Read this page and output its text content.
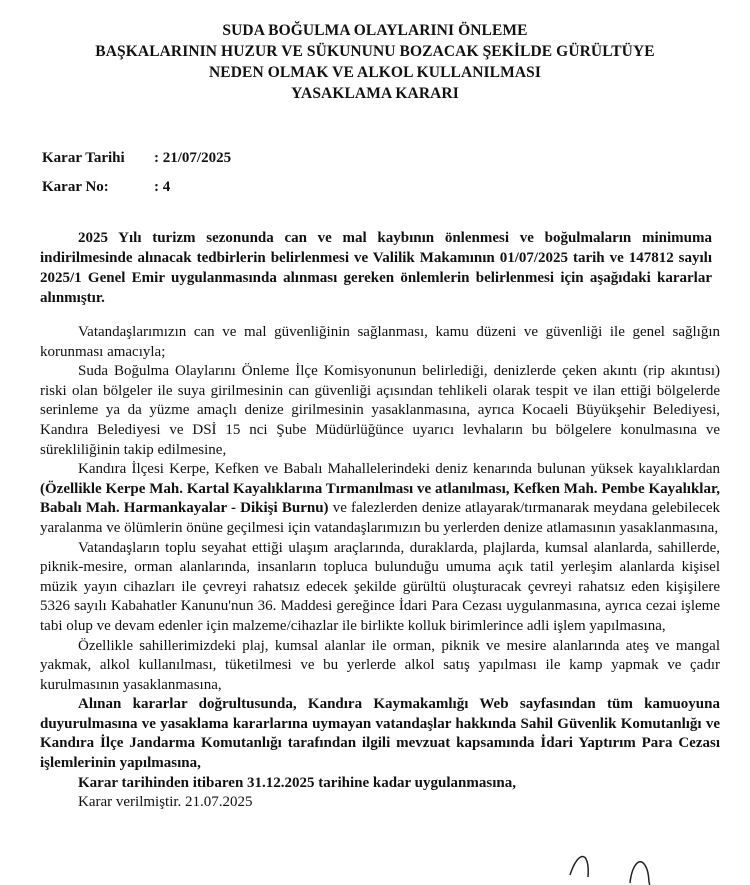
SUDA BOĞULMA OLAYLARINI ÖNLEME
BAŞKALARININ HUZUR VE SÜKUNUNU BOZACAK ŞEKİLDE GÜRÜLTÜYE
NEDEN OLMAK VE ALKOL KULLANILMASI
YASAKLAMA KARARI
Karar Tarihi : 21/07/2025
Karar No:	: 4
2025 Yılı turizm sezonunda can ve mal kaybının önlenmesi ve boğulmaların minimuma indirilmesinde alınacak tedbirlerin belirlenmesi ve Valilik Makamının 01/07/2025 tarih ve 147812 sayılı 2025/1 Genel Emir uygulanmasında alınması gereken önlemlerin belirlenmesi için aşağıdaki kararlar alınmıştır.

Vatandaşlarımızın can ve mal güvenliğinin sağlanması, kamu düzeni ve güvenliği ile genel sağlığın korunması amacıyla;

Suda Boğulma Olaylarını Önleme İlçe Komisyonunun belirlediği, denizlerde çeken akıntı (rip akıntısı) riski olan bölgeler ile suya girilmesinin can güvenliği açısından tehlikeli olarak tespit ve ilan ettiği bölgelerde serinleme ya da yüzme amaçlı denize girilmesinin yasaklanmasına, ayrıca Kocaeli Büyükşehir Belediyesi, Kandıra Belediyesi ve DSİ 15 nci Şube Müdürlüğünce uyarıcı levhaların bu bölgelere konulmasına ve sürekliliğinin takip edilmesine,

Kandıra İlçesi Kerpe, Kefken ve Babalı Mahallelerindeki deniz kenarında bulunan yüksek kayalıklardan (Özellikle Kerpe Mah. Kartal Kayalıklarına Tırmanılması ve atlanılması, Kefken Mah. Pembe Kayalıklar, Babalı Mah. Harmankayalar - Dikişi Burnu) ve falezlerden denize atlayarak/tırmanarak meydana gelebilecek yaralanma ve ölümlerin önüne geçilmesi için vatandaşlarımızın bu yerlerden denize atlamasının yasaklanmasına,

Vatandaşların toplu seyahat ettiği ulaşım araçlarında, duraklarda, plajlarda, kumsal alanlarda, sahillerde, piknik-mesire, orman alanlarında, insanların topluca bulunduğu umuma açık tatil yerleşim alanlarda kişisel müzik yayın cihazları ile çevreyi rahatsız edecek şekilde gürültü oluşturacak çevreyi rahatsız eden kişişilere 5326 sayılı Kabahatler Kanunu'nun 36. Maddesi gereğince İdari Para Cezası uygulanmasına, ayrıca cezai işleme tabi olup ve devam edenler için malzeme/cihazlar ile birlikte kolluk birimlerince adli işlem yapılmasına,

Özellikle sahillerimizdeki plaj, kumsal alanlar ile orman, piknik ve mesire alanlarında ateş ve mangal yakmak, alkol kullanılması, tüketilmesi ve bu yerlerde alkol satış yapılması ile kamp yapmak ve çadır kurulmasının yasaklanmasına,

Alınan kararlar doğrultusunda, Kandıra Kaymakamlığı Web sayfasından tüm kamuoyuna duyurulmasına ve yasaklama kararlarına uymayan vatandaşlar hakkında Sahil Güvenlik Komutanlığı ve Kandıra İlçe Jandarma Komutanlığı tarafından ilgili mevzuat kapsamında İdari Yaptırım Para Cezası işlemlerinin yapılmasına,

Karar tarihinden itibaren 31.12.2025 tarihine kadar uygulanmasına,

Karar verilmiştir. 21.07.2025
